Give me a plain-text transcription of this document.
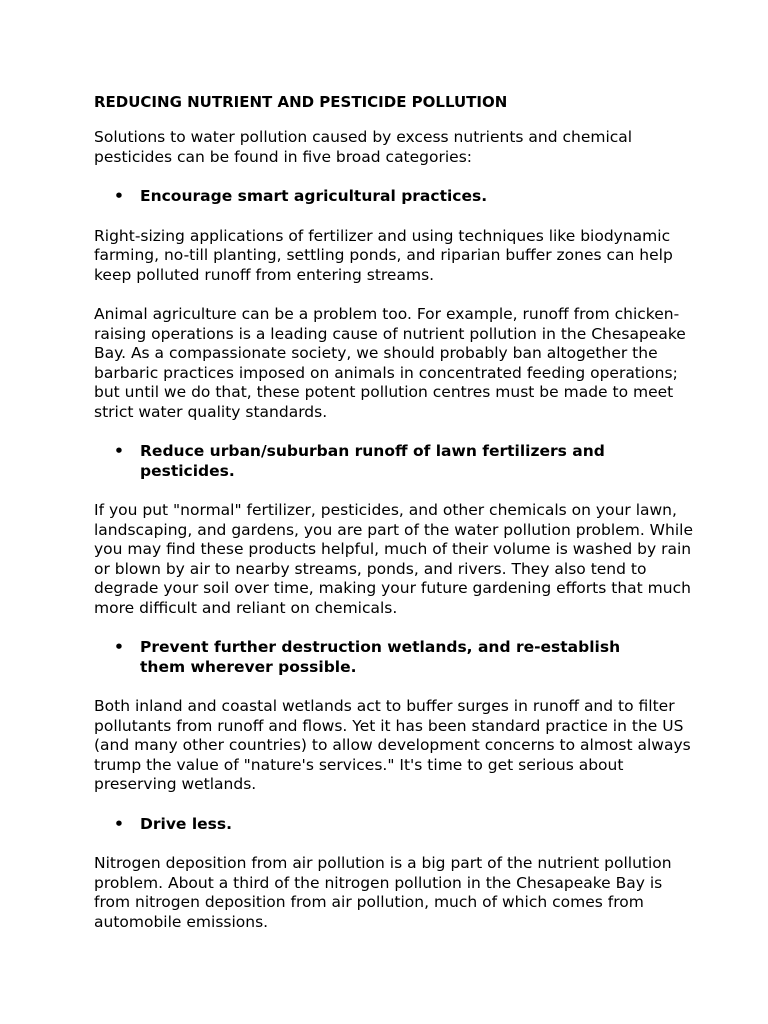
REDUCING NUTRIENT AND PESTICIDE POLLUTION

Solutions to water pollution caused by excess nutrients and chemical pesticides can be found in five broad categories:

•	Encourage smart agricultural practices.

Right-sizing applications of fertilizer and using techniques like biodynamic farming, no-till planting, settling ponds, and riparian buffer zones can help keep polluted runoff from entering streams.

Animal agriculture can be a problem too. For example, runoff from chicken-raising operations is a leading cause of nutrient pollution in the Chesapeake Bay. As a compassionate society, we should probably ban altogether the barbaric practices imposed on animals in concentrated feeding operations; but until we do that, these potent pollution centres must be made to meet strict water quality standards.

•	Reduce urban/suburban runoff of lawn fertilizers and pesticides.

If you put "normal" fertilizer, pesticides, and other chemicals on your lawn, landscaping, and gardens, you are part of the water pollution problem. While you may find these products helpful, much of their volume is washed by rain or blown by air to nearby streams, ponds, and rivers. They also tend to degrade your soil over time, making your future gardening efforts that much more difficult and reliant on chemicals.

•	Prevent further destruction wetlands, and re-establish them wherever possible.

Both inland and coastal wetlands act to buffer surges in runoff and to filter pollutants from runoff and flows. Yet it has been standard practice in the US (and many other countries) to allow development concerns to almost always trump the value of "nature's services." It's time to get serious about preserving wetlands.

•	Drive less.

Nitrogen deposition from air pollution is a big part of the nutrient pollution problem. About a third of the nitrogen pollution in the Chesapeake Bay is from nitrogen deposition from air pollution, much of which comes from automobile emissions.
